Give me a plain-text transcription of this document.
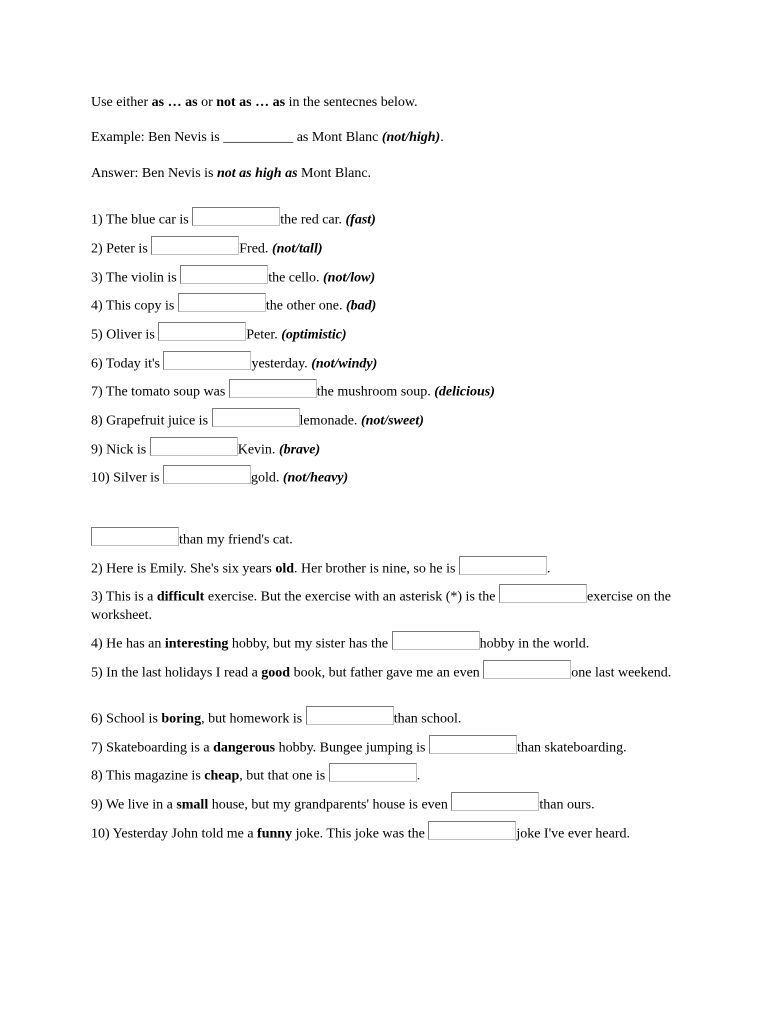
Use either as … as or not as … as in the sentecnes below.
Example: Ben Nevis is __________ as Mont Blanc (not/high).
Answer: Ben Nevis is not as high as Mont Blanc.
1) The blue car is	the red car. (fast)
2) Peter is	Fred. (not/tall)
3) The violin is	the cello. (not/low)
4) This copy is	the other one. (bad)
5) Oliver is	Peter. (optimistic)
6) Today it's	yesterday. (not/windy)
7) The tomato soup was	the mushroom soup. (delicious)
8) Grapefruit juice is	lemonade. (not/sweet)
9) Nick is	Kevin. (brave)
10) Silver is	gold. (not/heavy)
than my friend's cat.
2) Here is Emily. She's six years old. Her brother is nine, so he is	.
3) This is a difficult exercise. But the exercise with an asterisk (*) is the	exercise on the worksheet.
4) He has an interesting hobby, but my sister has the	hobby in the world.
5) In the last holidays I read a good book, but father gave me an even	one last weekend.
6) School is boring, but homework is	than school.
7) Skateboarding is a dangerous hobby. Bungee jumping is	than skateboarding.
8) This magazine is cheap, but that one is	.
9) We live in a small house, but my grandparents' house is even	than ours.
10) Yesterday John told me a funny joke. This joke was the	joke I've ever heard.
